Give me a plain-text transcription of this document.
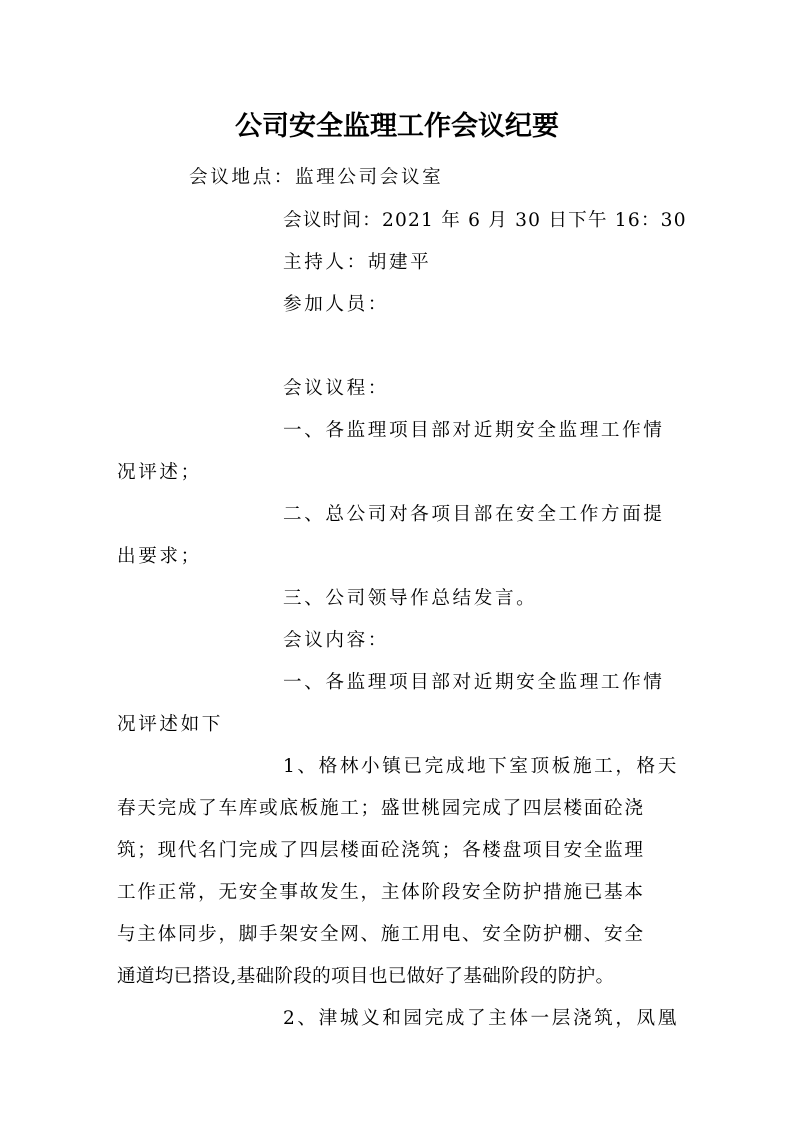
公司安全监理工作会议纪要
会议地点：监理公司会议室
会议时间：2021 年 6 月 30 日下午 16：30
主持人：胡建平
参加人员：
会议议程：
一、各监理项目部对近期安全监理工作情
况评述；
二、总公司对各项目部在安全工作方面提
出要求；
三、公司领导作总结发言。
会议内容：
一、各监理项目部对近期安全监理工作情
况评述如下
1、格林小镇已完成地下室顶板施工，格天
春天完成了车库或底板施工；盛世桃园完成了四层楼面砼浇
筑；现代名门完成了四层楼面砼浇筑；各楼盘项目安全监理
工作正常，无安全事故发生，主体阶段安全防护措施已基本
与主体同步，脚手架安全网、施工用电、安全防护棚、安全
通道均已搭设,基础阶段的项目也已做好了基础阶段的防护。
2、津城义和园完成了主体一层浇筑，凤凰
